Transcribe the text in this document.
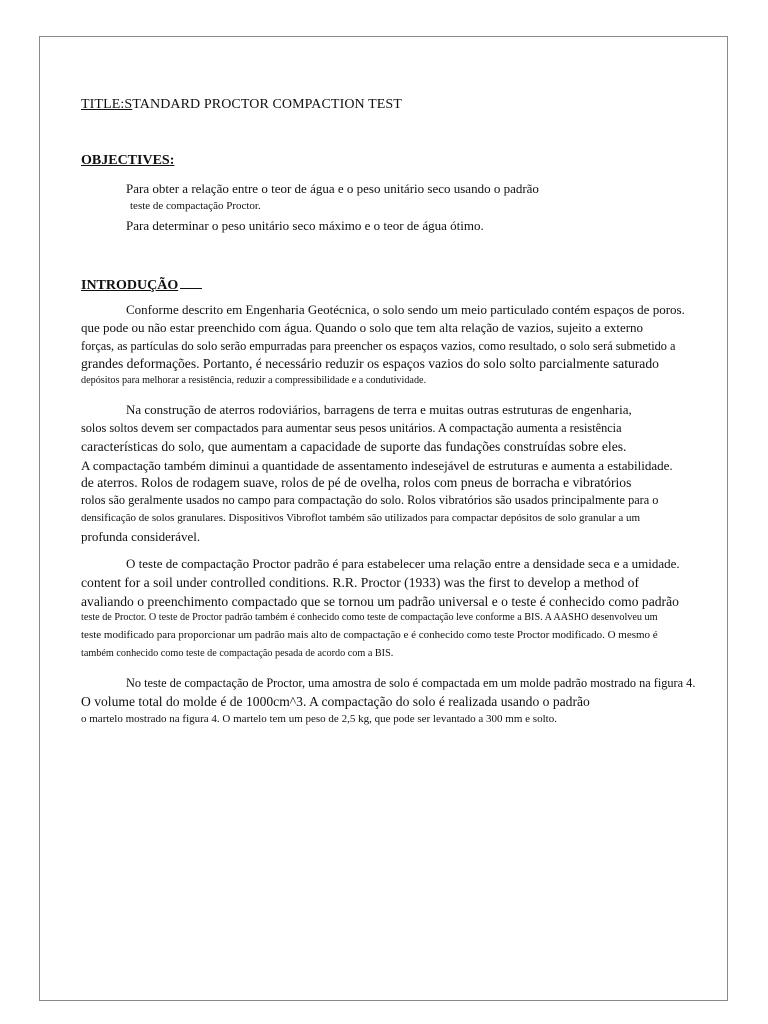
TITLE:STANDARD PROCTOR COMPACTION TEST
OBJECTIVES:
Para obter a relação entre o teor de água e o peso unitário seco usando o padrão
teste de compactação Proctor.
Para determinar o peso unitário seco máximo e o teor de água ótimo.
INTRODUÇÃO
Conforme descrito em Engenharia Geotécnica, o solo sendo um meio particulado contém espaços de poros.
que pode ou não estar preenchido com água. Quando o solo que tem alta relação de vazios, sujeito a externo
forças, as partículas do solo serão empurradas para preencher os espaços vazios, como resultado, o solo será submetido a
grandes deformações. Portanto, é necessário reduzir os espaços vazios do solo solto parcialmente saturado
depósitos para melhorar a resistência, reduzir a compressibilidade e a condutividade.
Na construção de aterros rodoviários, barragens de terra e muitas outras estruturas de engenharia,
solos soltos devem ser compactados para aumentar seus pesos unitários. A compactação aumenta a resistência
características do solo, que aumentam a capacidade de suporte das fundações construídas sobre eles.
A compactação também diminui a quantidade de assentamento indesejável de estruturas e aumenta a estabilidade.
de aterros. Rolos de rodagem suave, rolos de pé de ovelha, rolos com pneus de borracha e vibratórios
rolos são geralmente usados no campo para compactação do solo. Rolos vibratórios são usados principalmente para o
densificação de solos granulares. Dispositivos Vibroflot também são utilizados para compactar depósitos de solo granular a um
profunda considerável.
O teste de compactação Proctor padrão é para estabelecer uma relação entre a densidade seca e a umidade.
content for a soil under controlled conditions. R.R. Proctor (1933) was the first to develop a method of
avaliando o preenchimento compactado que se tornou um padrão universal e o teste é conhecido como padrão
teste de Proctor. O teste de Proctor padrão também é conhecido como teste de compactação leve conforme a BIS. A AASHO desenvolveu um
teste modificado para proporcionar um padrão mais alto de compactação e é conhecido como teste Proctor modificado. O mesmo é
também conhecido como teste de compactação pesada de acordo com a BIS.
No teste de compactação de Proctor, uma amostra de solo é compactada em um molde padrão mostrado na figura 4.
O volume total do molde é de 1000cm^3. A compactação do solo é realizada usando o padrão
o martelo mostrado na figura 4. O martelo tem um peso de 2,5 kg, que pode ser levantado a 300 mm e solto.
